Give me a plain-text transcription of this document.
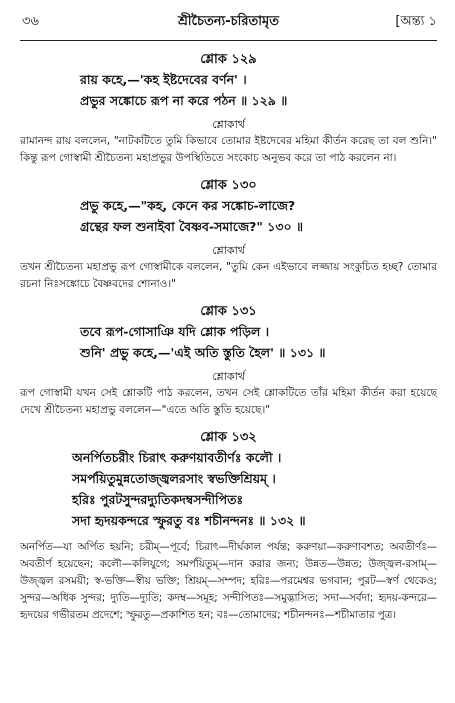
৩৬	শ্রীচৈতন্য-চরিতামৃত	[অন্ত্য ১
শ্লোক ১২৯
রায় কহে,—'কহ ইষ্টদেবের বর্ণন' ।
প্রভুর সঙ্কোচে রূপ না করে পঠন ॥ ১২৯ ॥
শ্লোকার্থ
রামানন্দ রায় বললেন, "নাটকটিতে তুমি কিভাবে তোমার ইষ্টদেবের মহিমা কীর্তন করেছ তা বল শুনি।" কিন্তু রূপ গোস্বামী শ্রীচৈতন্য মহাপ্রভুর উপস্থিতিতে সংকোচ অনুভব করে তা পাঠ করলেন না।
শ্লোক ১৩০
প্রভু কহে,—"কহ, কেনে কর সঙ্কোচ-লাজে?
গ্রন্থের ফল শুনাইবা বৈষ্ণব-সমাজে?" ১৩০ ॥
শ্লোকার্থ
তখন শ্রীচৈতন্য মহাপ্রভু রূপ গোস্বামীকে বললেন, "তুমি কেন এইভাবে লজ্জায় সংকুচিত হচ্ছ? তোমার রচনা নিঃসঙ্কোচে বৈষ্ণবদের শোনাও।"
শ্লোক ১৩১
তবে রূপ-গোসাঞি যদি শ্লোক পড়িল ।
শুনি' প্রভু কহে,—'এই অতি স্তুতি হৈল' ॥ ১৩১ ॥
শ্লোকার্থ
রূপ গোস্বামী যখন সেই শ্লোকটি পাঠ করলেন, তখন সেই শ্লোকটিতে তাঁর মহিমা কীর্তন করা হয়েছে দেখে শ্রীচৈতন্য মহাপ্রভু বললেন—"এতে অতি স্তুতি হয়েছে।"
শ্লোক ১৩২
অনর্পিতচরীং চিরাৎ করুণয়াবতীর্ণঃ কলৌ ।
সমর্পয়িতুমুন্নতোজ্জ্বলরসাং স্বভক্তিশ্রিয়ম্ ।
হরিঃ পুরটসুন্দরদ্যুতিকদম্বসন্দীপিতঃ
সদা হৃদয়কন্দরে স্ফুরতু বঃ শচীনন্দনঃ ॥ ১৩২ ॥
অনর্পিত—যা অর্পিত হয়নি; চরীম্—পূর্বে; চিরাৎ—দীর্ঘকাল পর্যন্ত; করুণয়া—করুণাবশত; অবতীর্ণঃ—অবতীর্ণ হয়েছেন; কলৌ—কলিযুগে; সমর্পয়িতুম্—দান করার জন্য; উন্নত—উন্নত; উজ্জ্বল-রসাম্—উজ্জ্বল রসময়ী; স্ব-ভক্তি—স্বীয় ভক্তি; শ্রিয়ম্—সম্পদ; হরিঃ—পরমেশ্বর ভগবান; পুরট—স্বর্ণ থেকেও; সুন্দর—অধিক সুন্দর; দ্যুতি—দ্যুতি; কদম্ব—সমূহ; সন্দীপিতঃ—সমুদ্ভাসিত; সদা—সর্বদা; হৃদয়-কন্দরে—হৃদয়ের গভীরতম প্রদেশে; স্ফুরতু—প্রকাশিত হন; বঃ—তোমাদের; শচীনন্দনঃ—শচীমাতার পুত্র।
